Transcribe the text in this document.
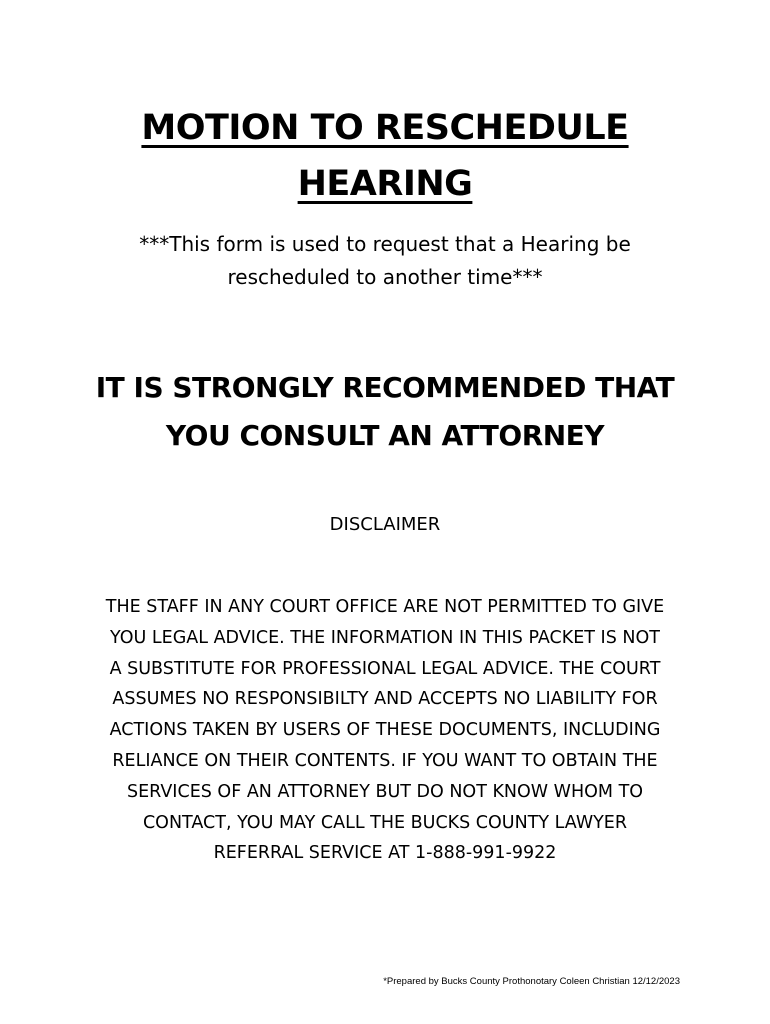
MOTION TO RESCHEDULE
HEARING

***This form is used to request that a Hearing be
rescheduled to another time***

IT IS STRONGLY RECOMMENDED THAT
YOU CONSULT AN ATTORNEY

DISCLAIMER

THE STAFF IN ANY COURT OFFICE ARE NOT PERMITTED TO GIVE
YOU LEGAL ADVICE. THE INFORMATION IN THIS PACKET IS NOT
A SUBSTITUTE FOR PROFESSIONAL LEGAL ADVICE. THE COURT
ASSUMES NO RESPONSIBILTY AND ACCEPTS NO LIABILITY FOR
ACTIONS TAKEN BY USERS OF THESE DOCUMENTS, INCLUDING
RELIANCE ON THEIR CONTENTS. IF YOU WANT TO OBTAIN THE
SERVICES OF AN ATTORNEY BUT DO NOT KNOW WHOM TO
CONTACT, YOU MAY CALL THE BUCKS COUNTY LAWYER
REFERRAL SERVICE AT 1-888-991-9922

*Prepared by Bucks County Prothonotary Coleen Christian 12/12/2023
